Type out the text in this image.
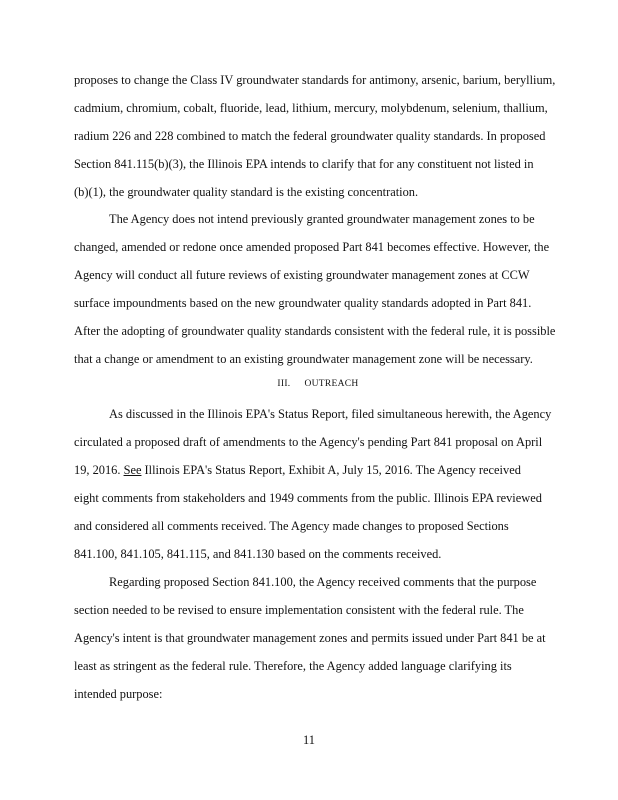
proposes to change the Class IV groundwater standards for antimony, arsenic, barium, beryllium,
cadmium, chromium, cobalt, fluoride, lead, lithium, mercury, molybdenum, selenium, thallium,
radium 226 and 228 combined to match the federal groundwater quality standards. In proposed
Section 841.115(b)(3), the Illinois EPA intends to clarify that for any constituent not listed in
(b)(1), the groundwater quality standard is the existing concentration.
The Agency does not intend previously granted groundwater management zones to be
changed, amended or redone once amended proposed Part 841 becomes effective. However, the
Agency will conduct all future reviews of existing groundwater management zones at CCW
surface impoundments based on the new groundwater quality standards adopted in Part 841.
After the adopting of groundwater quality standards consistent with the federal rule, it is possible
that a change or amendment to an existing groundwater management zone will be necessary.
III. OUTREACH
As discussed in the Illinois EPA's Status Report, filed simultaneous herewith, the Agency
circulated a proposed draft of amendments to the Agency's pending Part 841 proposal on April
19, 2016. See Illinois EPA's Status Report, Exhibit A, July 15, 2016. The Agency received
eight comments from stakeholders and 1949 comments from the public. Illinois EPA reviewed
and considered all comments received. The Agency made changes to proposed Sections
841.100, 841.105, 841.115, and 841.130 based on the comments received.
Regarding proposed Section 841.100, the Agency received comments that the purpose
section needed to be revised to ensure implementation consistent with the federal rule. The
Agency's intent is that groundwater management zones and permits issued under Part 841 be at
least as stringent as the federal rule. Therefore, the Agency added language clarifying its
intended purpose:
11
